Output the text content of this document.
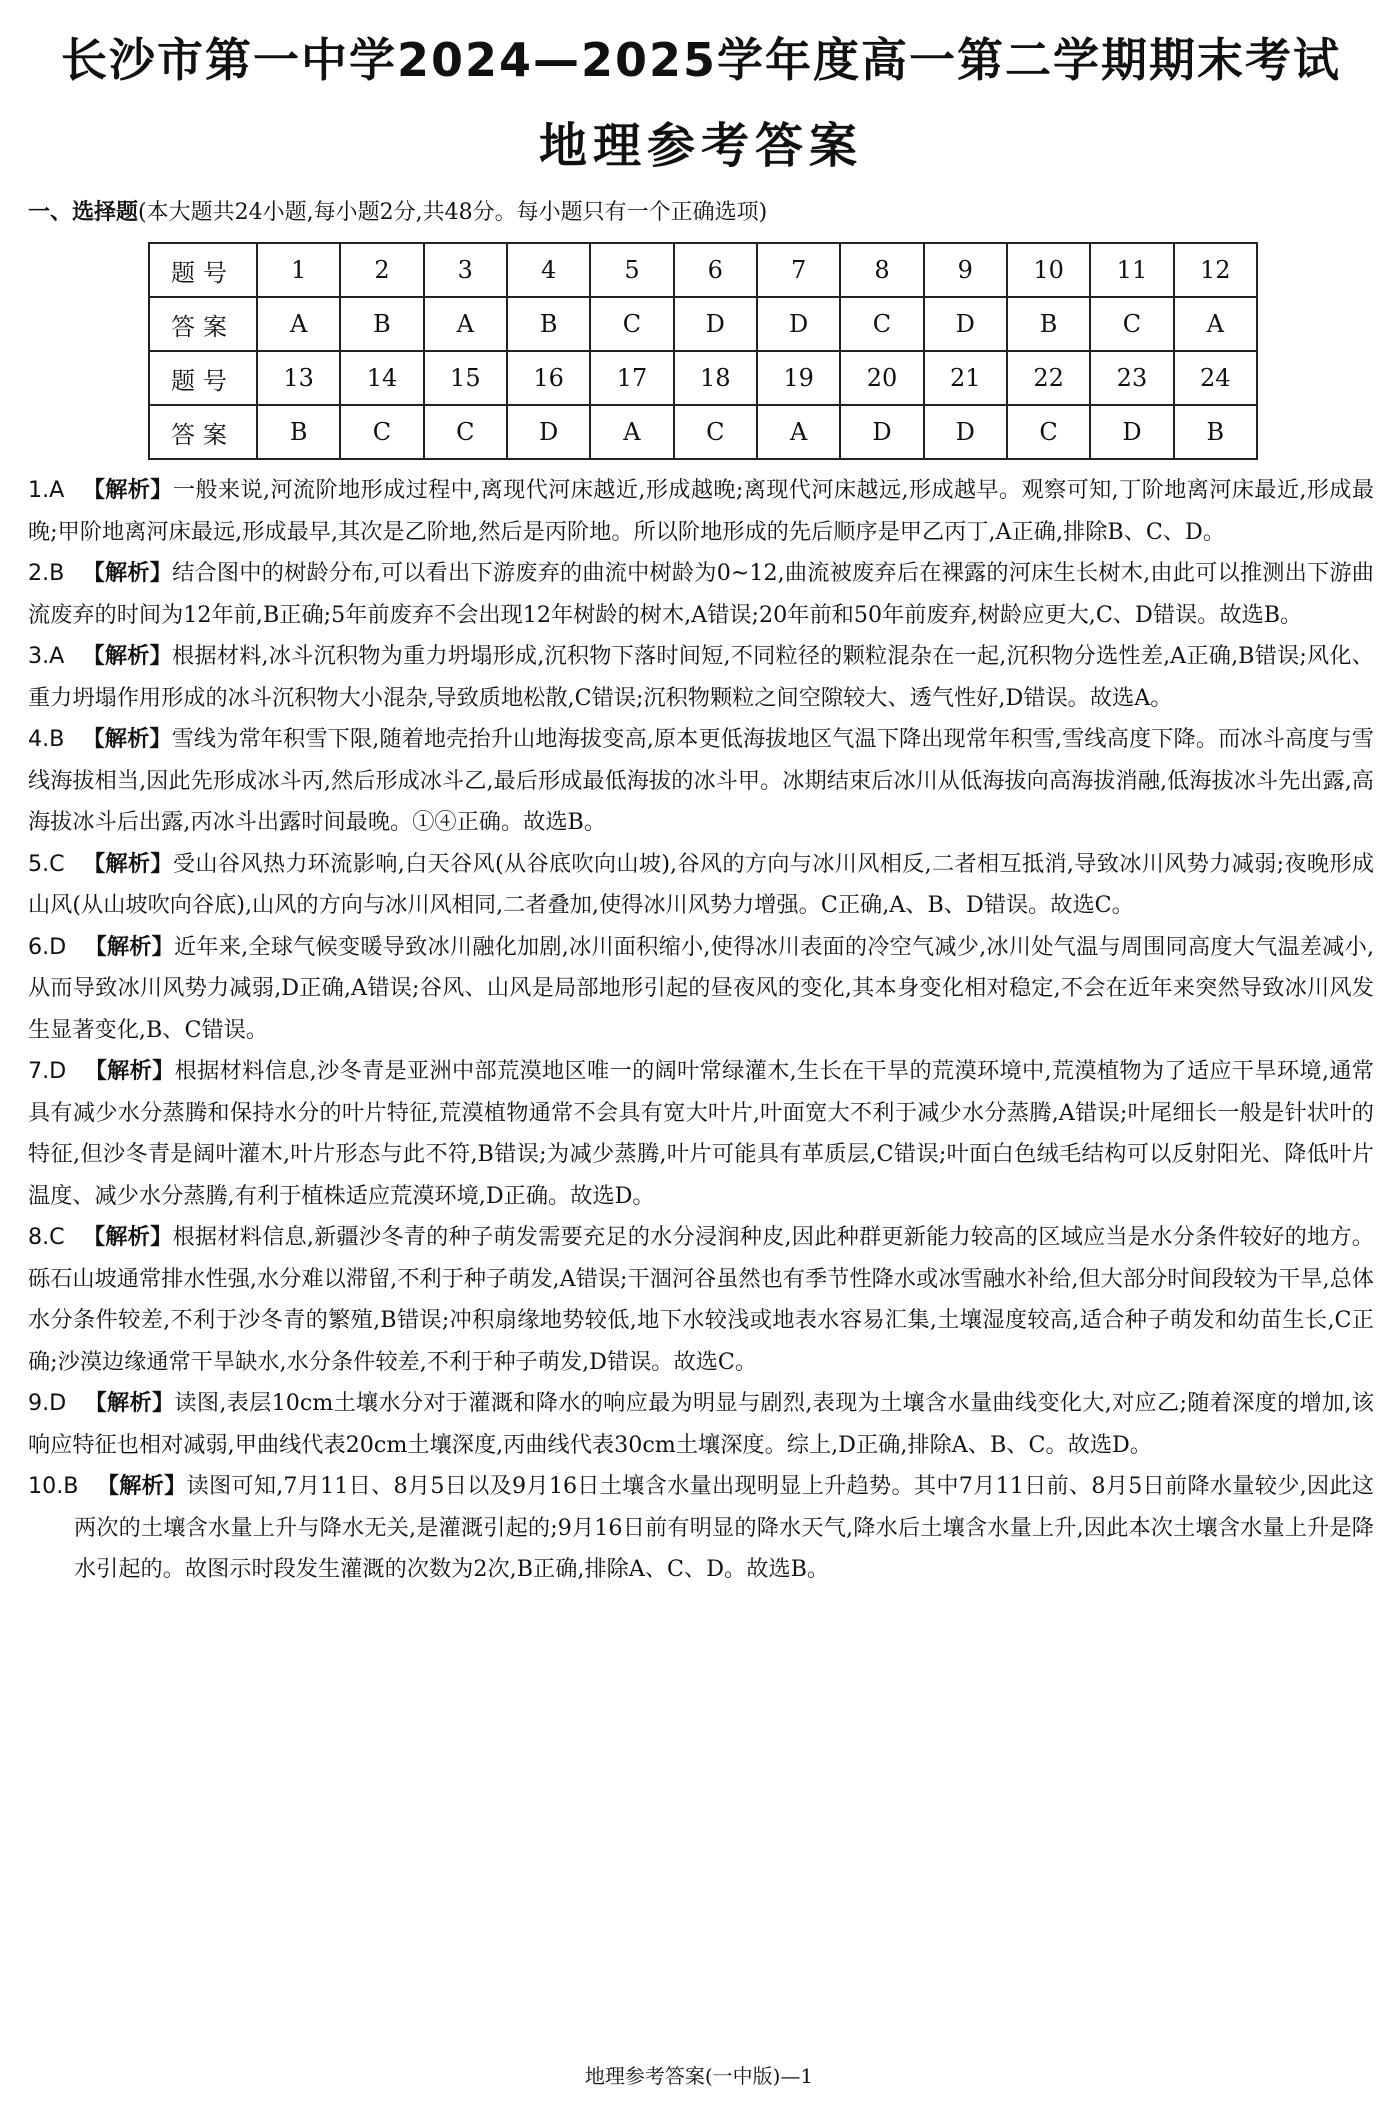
长沙市第一中学2024—2025学年度高一第二学期期末考试
地理参考答案

一、选择题(本大题共24小题,每小题2分,共48分。每小题只有一个正确选项)

题号	1	2	3	4	5	6	7	8	9	10	11	12
答案	A	B	A	B	C	D	D	C	D	B	C	A
题号	13	14	15	16	17	18	19	20	21	22	23	24
答案	B	C	C	D	A	C	A	D	D	C	D	B

1.A 【解析】一般来说,河流阶地形成过程中,离现代河床越近,形成越晚;离现代河床越远,形成越早。观察可知,丁阶地离河床最近,形成最晚;甲阶地离河床最远,形成最早,其次是乙阶地,然后是丙阶地。所以阶地形成的先后顺序是甲乙丙丁,A正确,排除B、C、D。

2.B 【解析】结合图中的树龄分布,可以看出下游废弃的曲流中树龄为0~12,曲流被废弃后在裸露的河床生长树木,由此可以推测出下游曲流废弃的时间为12年前,B正确;5年前废弃不会出现12年树龄的树木,A错误;20年前和50年前废弃,树龄应更大,C、D错误。故选B。

3.A 【解析】根据材料,冰斗沉积物为重力坍塌形成,沉积物下落时间短,不同粒径的颗粒混杂在一起,沉积物分选性差,A正确,B错误;风化、重力坍塌作用形成的冰斗沉积物大小混杂,导致质地松散,C错误;沉积物颗粒之间空隙较大、透气性好,D错误。故选A。

4.B 【解析】雪线为常年积雪下限,随着地壳抬升山地海拔变高,原本更低海拔地区气温下降出现常年积雪,雪线高度下降。而冰斗高度与雪线海拔相当,因此先形成冰斗丙,然后形成冰斗乙,最后形成最低海拔的冰斗甲。冰期结束后冰川从低海拔向高海拔消融,低海拔冰斗先出露,高海拔冰斗后出露,丙冰斗出露时间最晚。①④正确。故选B。

5.C 【解析】受山谷风热力环流影响,白天谷风(从谷底吹向山坡),谷风的方向与冰川风相反,二者相互抵消,导致冰川风势力减弱;夜晚形成山风(从山坡吹向谷底),山风的方向与冰川风相同,二者叠加,使得冰川风势力增强。C正确,A、B、D错误。故选C。

6.D 【解析】近年来,全球气候变暖导致冰川融化加剧,冰川面积缩小,使得冰川表面的冷空气减少,冰川处气温与周围同高度大气温差减小,从而导致冰川风势力减弱,D正确,A错误;谷风、山风是局部地形引起的昼夜风的变化,其本身变化相对稳定,不会在近年来突然导致冰川风发生显著变化,B、C错误。

7.D 【解析】根据材料信息,沙冬青是亚洲中部荒漠地区唯一的阔叶常绿灌木,生长在干旱的荒漠环境中,荒漠植物为了适应干旱环境,通常具有减少水分蒸腾和保持水分的叶片特征,荒漠植物通常不会具有宽大叶片,叶面宽大不利于减少水分蒸腾,A错误;叶尾细长一般是针状叶的特征,但沙冬青是阔叶灌木,叶片形态与此不符,B错误;为减少蒸腾,叶片可能具有革质层,C错误;叶面白色绒毛结构可以反射阳光、降低叶片温度、减少水分蒸腾,有利于植株适应荒漠环境,D正确。故选D。

8.C 【解析】根据材料信息,新疆沙冬青的种子萌发需要充足的水分浸润种皮,因此种群更新能力较高的区域应当是水分条件较好的地方。砾石山坡通常排水性强,水分难以滞留,不利于种子萌发,A错误;干涸河谷虽然也有季节性降水或冰雪融水补给,但大部分时间段较为干旱,总体水分条件较差,不利于沙冬青的繁殖,B错误;冲积扇缘地势较低,地下水较浅或地表水容易汇集,土壤湿度较高,适合种子萌发和幼苗生长,C正确;沙漠边缘通常干旱缺水,水分条件较差,不利于种子萌发,D错误。故选C。

9.D 【解析】读图,表层10cm土壤水分对于灌溉和降水的响应最为明显与剧烈,表现为土壤含水量曲线变化大,对应乙;随着深度的增加,该响应特征也相对减弱,甲曲线代表20cm土壤深度,丙曲线代表30cm土壤深度。综上,D正确,排除A、B、C。故选D。

10.B 【解析】读图可知,7月11日、8月5日以及9月16日土壤含水量出现明显上升趋势。其中7月11日前、8月5日前降水量较少,因此这两次的土壤含水量上升与降水无关,是灌溉引起的;9月16日前有明显的降水天气,降水后土壤含水量上升,因此本次土壤含水量上升是降水引起的。故图示时段发生灌溉的次数为2次,B正确,排除A、C、D。故选B。

地理参考答案(一中版)—1
